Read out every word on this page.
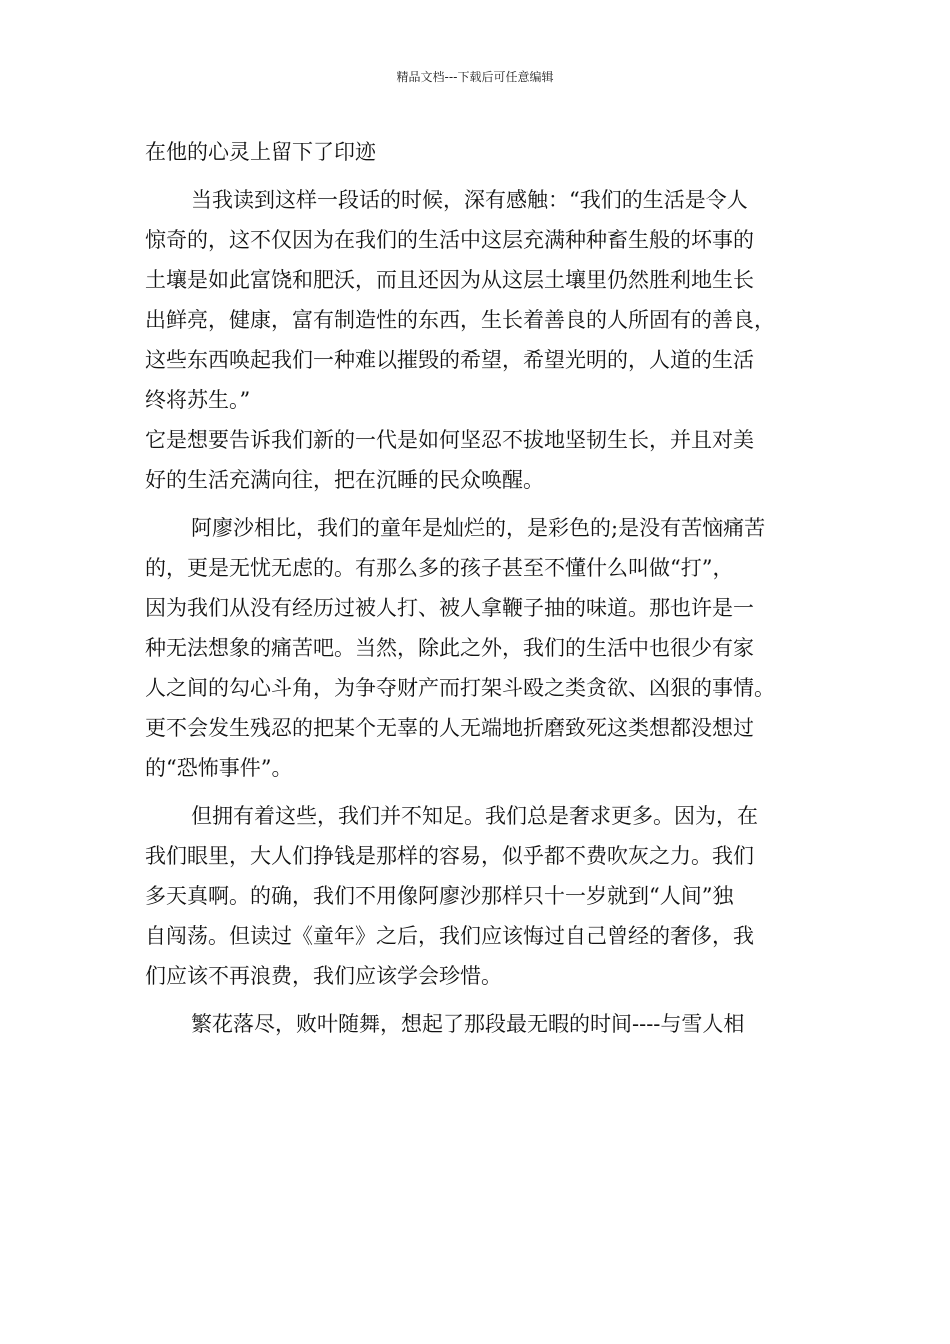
精品文档---下载后可任意编辑

在他的心灵上留下了印迹

当我读到这样一段话的时候，深有感触：“我们的生活是令人
惊奇的，这不仅因为在我们的生活中这层充满种种畜生般的坏事的
土壤是如此富饶和肥沃，而且还因为从这层土壤里仍然胜利地生长
出鲜亮，健康，富有制造性的东西，生长着善良的人所固有的善良，
这些东西唤起我们一种难以摧毁的希望，希望光明的，人道的生活
终将苏生。”

它是想要告诉我们新的一代是如何坚忍不拔地坚韧生长，并且对美
好的生活充满向往，把在沉睡的民众唤醒。

阿廖沙相比，我们的童年是灿烂的，是彩色的;是没有苦恼痛苦
的，更是无忧无虑的。有那么多的孩子甚至不懂什么叫做“打”，
因为我们从没有经历过被人打、被人拿鞭子抽的味道。那也许是一
种无法想象的痛苦吧。当然，除此之外，我们的生活中也很少有家
人之间的勾心斗角，为争夺财产而打架斗殴之类贪欲、凶狠的事情。
更不会发生残忍的把某个无辜的人无端地折磨致死这类想都没想过
的“恐怖事件”。

但拥有着这些，我们并不知足。我们总是奢求更多。因为，在
我们眼里，大人们挣钱是那样的容易，似乎都不费吹灰之力。我们
多天真啊。的确，我们不用像阿廖沙那样只十一岁就到“人间”独
自闯荡。但读过《童年》之后，我们应该悔过自己曾经的奢侈，我
们应该不再浪费，我们应该学会珍惜。

繁花落尽，败叶随舞，想起了那段最无暇的时间----与雪人相
